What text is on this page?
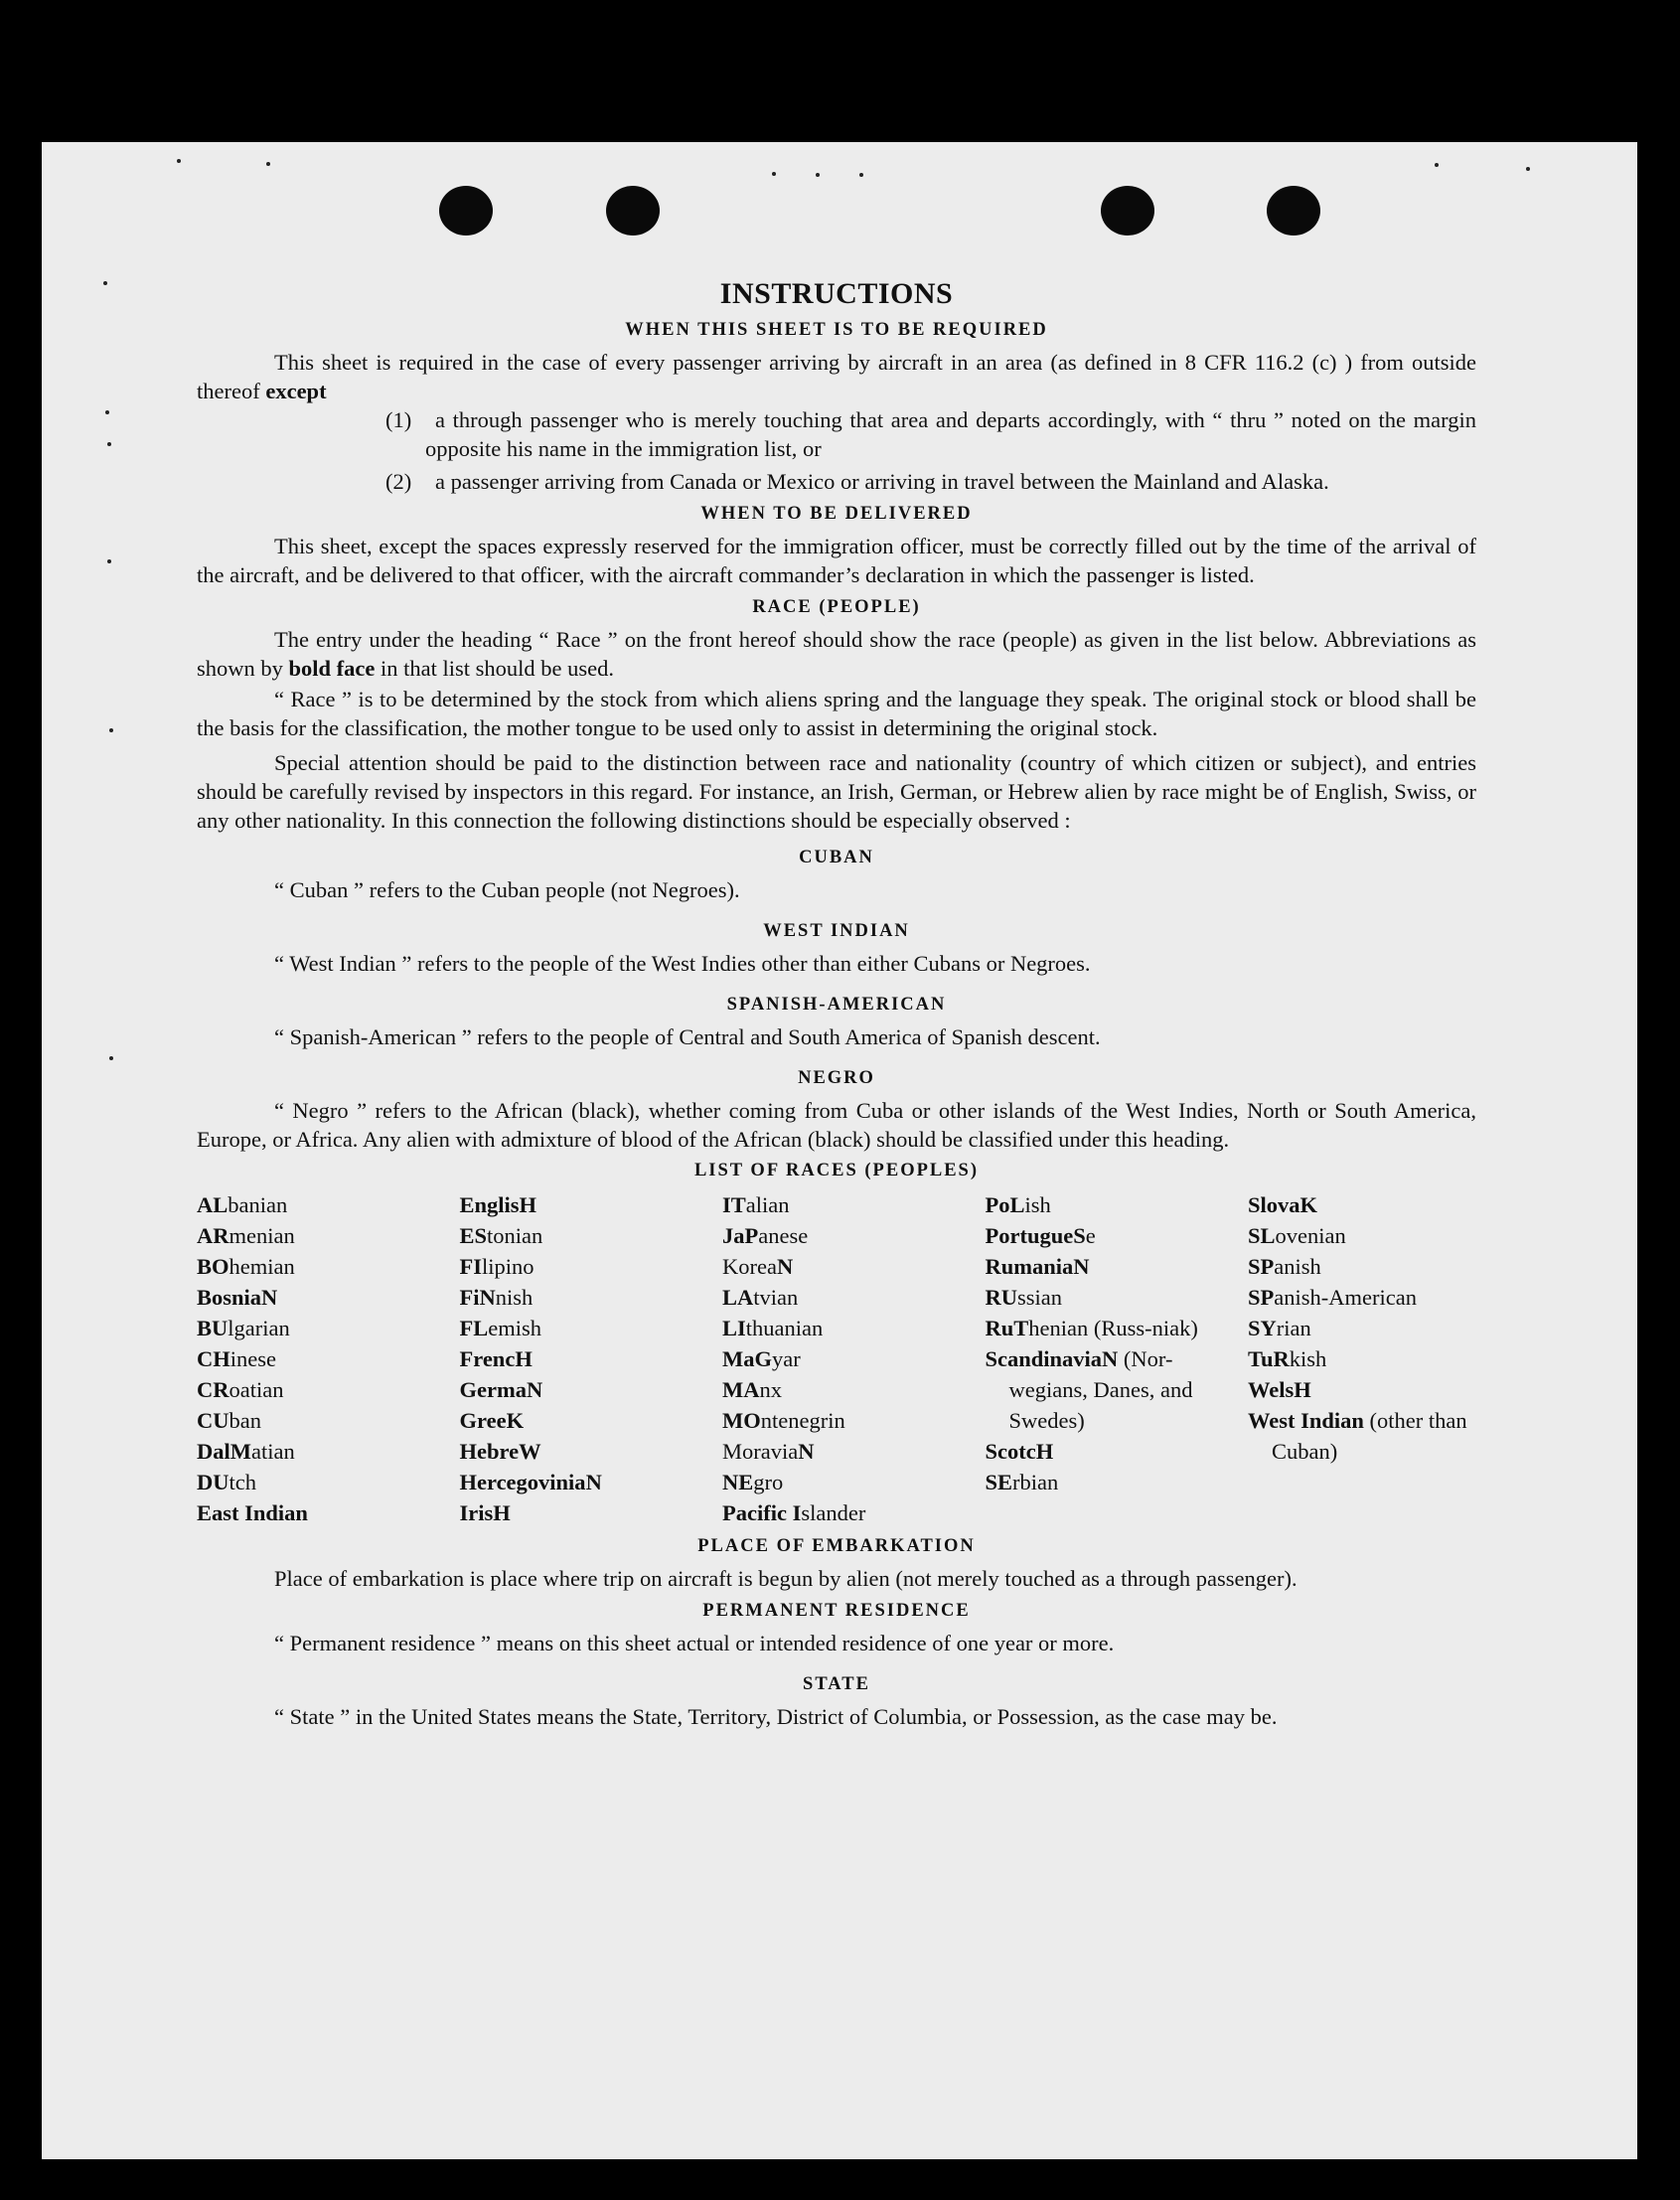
INSTRUCTIONS
WHEN THIS SHEET IS TO BE REQUIRED

This sheet is required in the case of every passenger arriving by aircraft in an area (as defined in 8 CFR 116.2 (c) ) from outside thereof except

(1) a through passenger who is merely touching that area and departs accordingly, with “ thru ” noted on the margin opposite his name in the immigration list, or

(2) a passenger arriving from Canada or Mexico or arriving in travel between the Mainland and Alaska.

WHEN TO BE DELIVERED

This sheet, except the spaces expressly reserved for the immigration officer, must be correctly filled out by the time of the arrival of the aircraft, and be delivered to that officer, with the aircraft commander’s declaration in which the passenger is listed.

RACE (PEOPLE)

The entry under the heading “ Race ” on the front hereof should show the race (people) as given in the list below. Abbreviations as shown by bold face in that list should be used.

“ Race ” is to be determined by the stock from which aliens spring and the language they speak. The original stock or blood shall be the basis for the classification, the mother tongue to be used only to assist in determining the original stock.

Special attention should be paid to the distinction between race and nationality (country of which citizen or subject), and entries should be carefully revised by inspectors in this regard. For instance, an Irish, German, or Hebrew alien by race might be of English, Swiss, or any other nationality. In this connection the following distinctions should be especially observed :

CUBAN

“ Cuban ” refers to the Cuban people (not Negroes).

WEST INDIAN

“ West Indian ” refers to the people of the West Indies other than either Cubans or Negroes.

SPANISH-AMERICAN

“ Spanish-American ” refers to the people of Central and South America of Spanish descent.

NEGRO

“ Negro ” refers to the African (black), whether coming from Cuba or other islands of the West Indies, North or South America, Europe, or Africa. Any alien with admixture of blood of the African (black) should be classified under this heading.

LIST OF RACES (PEOPLES)
ALbanian
ARmenian
BOhemian
BosniaN
BUlgarian
CHinese
CRoatian
CUban
DalMatian
DUtch
East Indian
EnglisH
EStonian
FIlipino
FiNnish
FLemish
FrencH
GermaN
GreeK
HebreW
HercegoviniaN
IrisH
ITalian
JaPanese
KoreaN
LAtvian
LIthuanian
MaGyar
MAnx
MOntenegrin
MoraviaN
NEgro
Pacific Islander
PoLish
PortugueSe
RumaniaN
RUssian
RuThenian (Russ-niak)
ScandinaviaN (Nor-wegians, Danes, and Swedes)
ScotcH
SErbian
SlovaK
SLovenian
SPanish
SPanish-American
SYrian
TuRkish
WelsH
West Indian (other than Cuban)
PLACE OF EMBARKATION

Place of embarkation is place where trip on aircraft is begun by alien (not merely touched as a through passenger).

PERMANENT RESIDENCE

“ Permanent residence ” means on this sheet actual or intended residence of one year or more.

STATE

“ State ” in the United States means the State, Territory, District of Columbia, or Possession, as the case may be.
